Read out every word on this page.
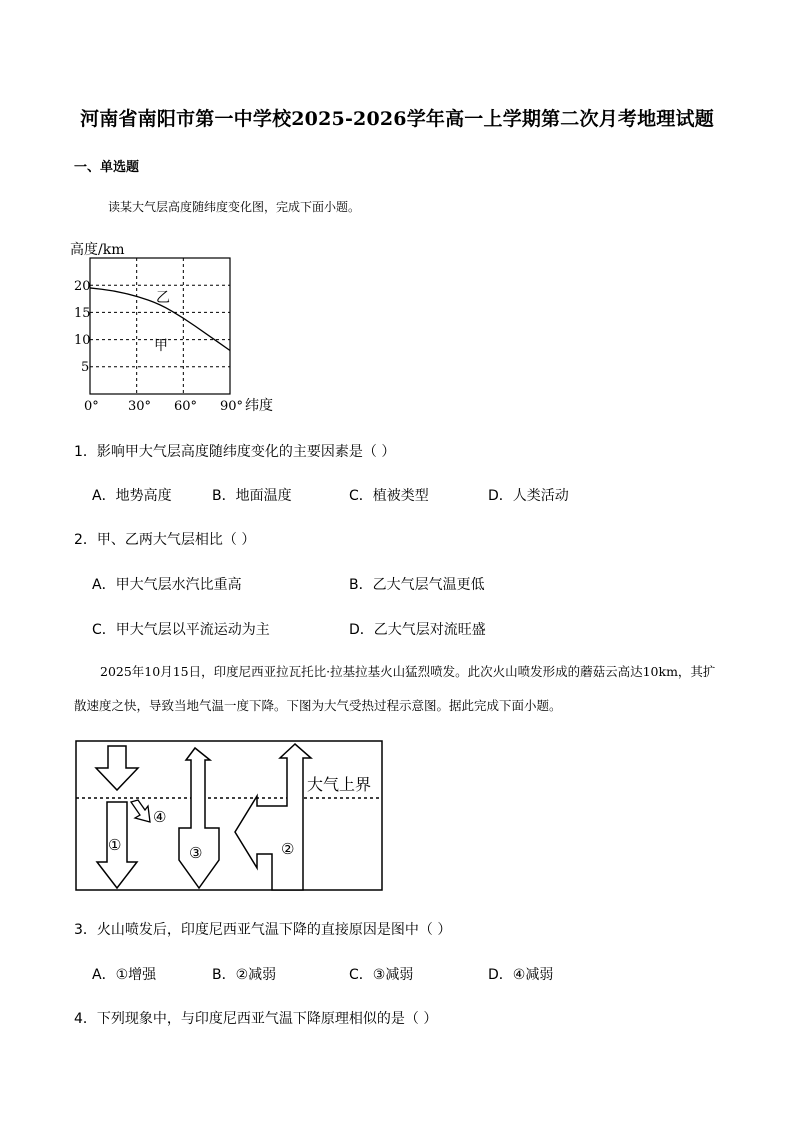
河南省南阳市第一中学校2025-2026学年高一上学期第二次月考地理试题
一、单选题
读某大气层高度随纬度变化图，完成下面小题。
高度/km
20
15
10
5
0° 30° 60° 90° 纬度
乙
甲
1．影响甲大气层高度随纬度变化的主要因素是（ ）
A．地势高度	B．地面温度	C．植被类型	D．人类活动
2．甲、乙两大气层相比（ ）
A．甲大气层水汽比重高	B．乙大气层气温更低
C．甲大气层以平流运动为主	D．乙大气层对流旺盛
2025年10月15日，印度尼西亚拉瓦托比·拉基拉基火山猛烈喷发。此次火山喷发形成的蘑菇云高达10km，其扩散速度之快，导致当地气温一度下降。下图为大气受热过程示意图。据此完成下面小题。
大气上界
①
④
③	②
3．火山喷发后，印度尼西亚气温下降的直接原因是图中（ ）
A．①增强	B．②减弱	C．③减弱	D．④减弱
4．下列现象中，与印度尼西亚气温下降原理相似的是（ ）
